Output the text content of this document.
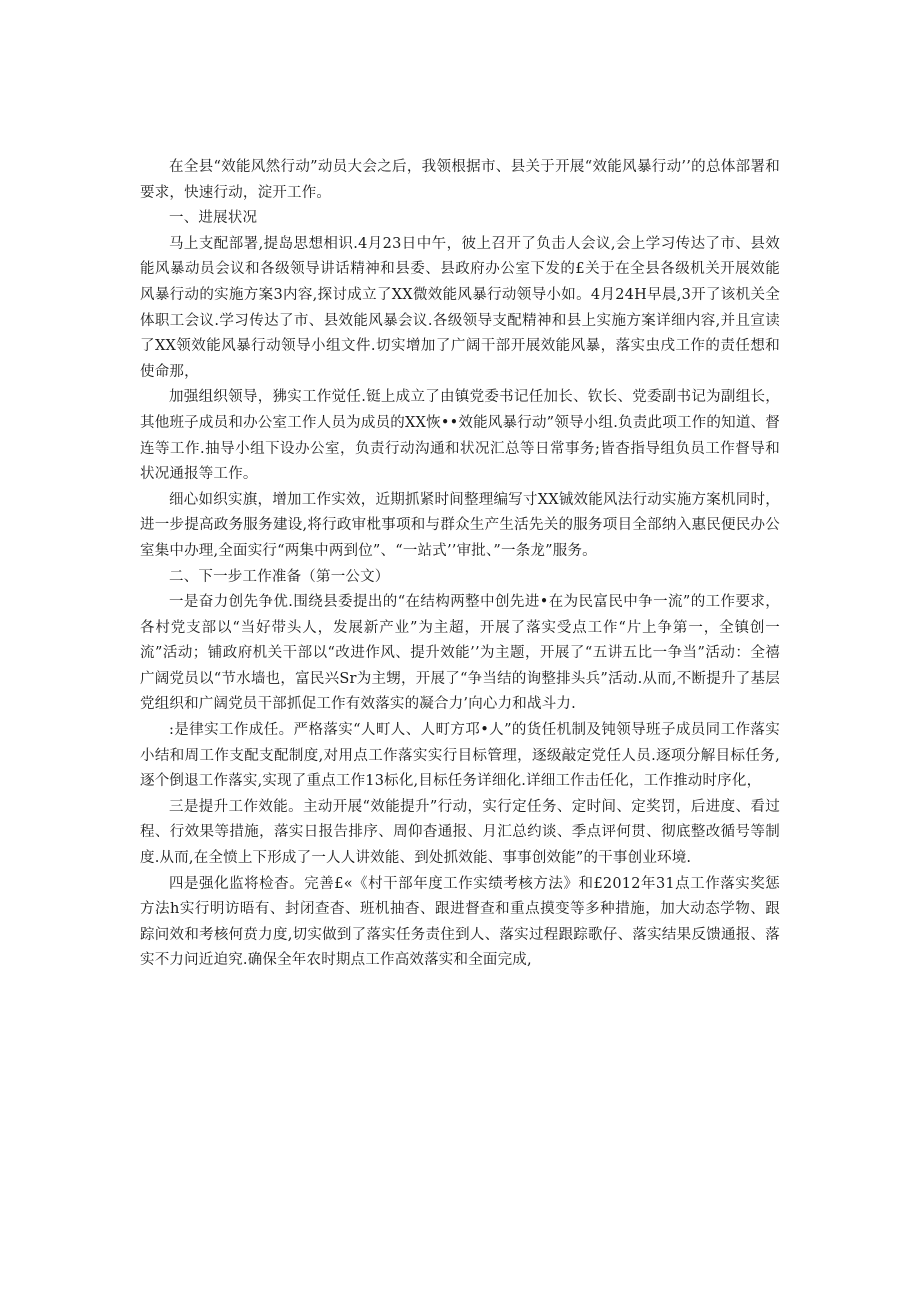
在全县“效能风然行动”动员大会之后，我领根据市、县关于开展“效能风暴行动’’的总体部署和要求，快速行动，淀开工作。

一、进展状况

马上支配部署,提岛思想相识.4月23日中午，彼上召开了负击人会议,会上学习传达了市、县效能风暴动员会议和各级领导讲话精神和县委、县政府办公室下发的£关于在全县各级机关开展效能风暴行动的实施方案3内容,探讨成立了XX微效能风暴行动领导小如。4月24H早晨,3开了该机关全体职工会议.学习传达了市、县效能风暴会议.各级领导支配精神和县上实施方案详细内容,并且宣读了XX领效能风暴行动领导小组文件.切实增加了广阔干部开展效能风暴，落实虫戌工作的责任想和使命那，

加强组织领导，狒实工作觉任.铤上成立了由镇党委书记任加长、钦长、党委副书记为副组长，其他班子成员和办公室工作人员为成员的XX恢••效能风暴行动”领导小组.负责此项工作的知道、督连等工作.抽导小组下设办公室，负责行动沟通和状况汇总等日常事务;皆杳指导组负员工作督导和状况通报等工作。

细心如织实旗，增加工作实效，近期抓紧时间整理编写寸XX铖效能风法行动实施方案机同时，进一步提高政务服务建设,将行政审枇事项和与群众生产生活先关的服务项目全部纳入惠民便民办公室集中办理,全面实行“两集中两到位”、“一站式’’审批、”一条龙”服务。

二、下一步工作准备（第一公文）

一是奋力创先争优.围绕县委提出的“在结构两整中创先进•在为民富民中争一流”的工作要求，各村党支部以“当好带头人，发展新产业”为主超，开展了落实受点工作“片上争第一，全镇创一流”活动；铺政府机关干部以“改进作风、提升效能’’为主题，开展了“五讲五比一争当”活动：全禧广阔党员以“节水墙也，富民兴Sr为主甥，开展了“争当结的询整排头兵”活动.从而,不断提升了基层党组织和广阔党员干部抓促工作有效落实的凝合力’向心力和战斗力.

:是律实工作成任。严格落实“人町人、人町方邛•人”的货任机制及钝领导班子成员同工作落实小结和周工作支配支配制度,对用点工作落实实行目标管理，逐级敲定党任人员.逐项分解目标任务,逐个倒退工作落实,实现了重点工作13标化,目标任务详细化.详细工作击任化，工作推动时序化，

三是提升工作效能。主动开展“效能提升”行动，实行定任务、定时间、定奖罚，后进度、看过程、行效果等措施，落实日报告排序、周仰杳通报、月汇总约谈、季点评何贯、彻底整改循号等制度.从而,在全愤上下形成了一人人讲效能、到处抓效能、事事创效能”的干事创业环境.

四是强化监将检杳。完善£«《村干部年度工作实绩考核方法》和£2012年31点工作落实奖惩方法h实行明访晤有、封闭查杳、班机抽杳、跟进督查和重点摸变等多种措施，加大动态学物、跟踪问效和考核何贲力度,切实做到了落实任务责住到人、落实过程跟踪歌仔、落实结果反馈通报、落实不力问近迫究.确保全年农时期点工作高效落实和全面完成,
